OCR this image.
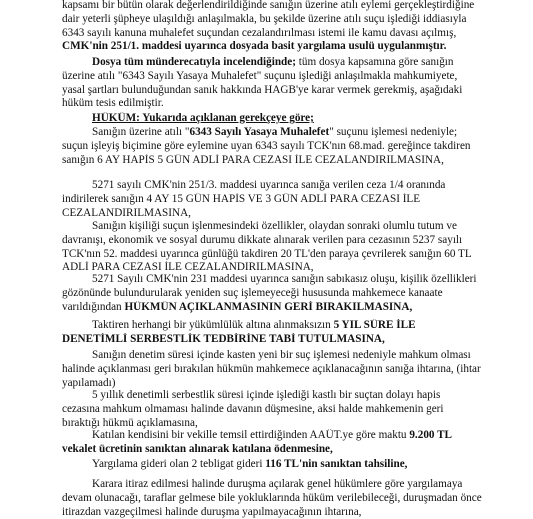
kapsamı bir bütün olarak değerlendirildiğinde sanığın üzerine atılı eylemi gerçekleştirdiğine
dair yeterli şüpheye ulaşıldığı anlaşılmakla, bu şekilde üzerine atılı suçu işlediği iddiasıyla
6343 sayılı kanuna muhalefet suçundan cezalandırılması istemi ile kamu davası açılmış,
CMK'nin 251/1. maddesi uyarınca dosyada basit yargılama usulü uygulanmıştır.
Dosya tüm münderecatıyla incelendiğinde; tüm dosya kapsamına göre sanığın
üzerine atılı "6343 Sayılı Yasaya Muhalefet" suçunu işlediği anlaşılmakla mahkumiyete,
yasal şartları bulunduğundan sanık hakkında HAGB'ye karar vermek gerekmiş, aşağıdaki
hüküm tesis edilmiştir.
HÜKÜM: Yukarıda açıklanan gerekçeye göre;
Sanığın üzerine atılı "6343 Sayılı Yasaya Muhalefet" suçunu işlemesi nedeniyle;
suçun işleyiş biçimine göre eylemine uyan 6343 sayılı TCK'nın 68.mad. gereğince takdiren
sanığın 6 AY HAPİS 5 GÜN ADLİ PARA CEZASI İLE CEZALANDIRILMASINA,
5271 sayılı CMK'nin 251/3. maddesi uyarınca sanığa verilen ceza 1/4 oranında
indirilerek sanığın 4 AY 15 GÜN HAPİS VE 3 GÜN ADLİ PARA CEZASI İLE
CEZALANDIRILMASINA,
Sanığın kişiliği suçun işlenmesindeki özellikler, olaydan sonraki olumlu tutum ve
davranışı, ekonomik ve sosyal durumu dikkate alınarak verilen para cezasının 5237 sayılı
TCK'nın 52. maddesi uyarınca günlüğü takdiren 20 TL'den paraya çevrilerek sanığın 60 TL
ADLİ PARA CEZASI İLE CEZALANDIRILMASINA,
5271 Sayılı CMK'nin 231 maddesi uyarınca sanığın sabıkasız oluşu, kişilik özellikleri
gözönünde bulundurularak yeniden suç işlemeyeceği hususunda mahkemece kanaate
varıldığından HÜKMÜN AÇIKLANMASININ GERİ BIRAKILMASINA,
Taktiren herhangi bir yükümlülük altına alınmaksızın 5 YIL SÜRE İLE
DENETİMLİ SERBESTLİK TEDBİRİNE TABİ TUTULMASINA,
Sanığın denetim süresi içinde kasten yeni bir suç işlemesi nedeniyle mahkum olması
halinde açıklanması geri bırakılan hükmün mahkemece açıklanacağının sanığa ihtarına, (ihtar
yapılamadı)
5 yıllık denetimli serbestlik süresi içinde işlediği kastlı bir suçtan dolayı hapis
cezasına mahkum olmaması halinde davanın düşmesine, aksi halde mahkemenin geri
bıraktığı hükmü açıklamasına,
Katılan kendisini bir vekille temsil ettirdiğinden AAÜT.ye göre maktu 9.200 TL
vekalet ücretinin sanıktan alınarak katılana ödenmesine,
Yargılama gideri olan 2 tebligat gideri 116 TL'nin sanıktan tahsiline,
Karara itiraz edilmesi halinde duruşma açılarak genel hükümlere göre yargılamaya
devam olunacağı, taraflar gelmese bile yokluklarında hüküm verilebileceği, duruşmadan önce
itirazdan vazgeçilmesi halinde duruşma yapılmayacağının ihtarına,
